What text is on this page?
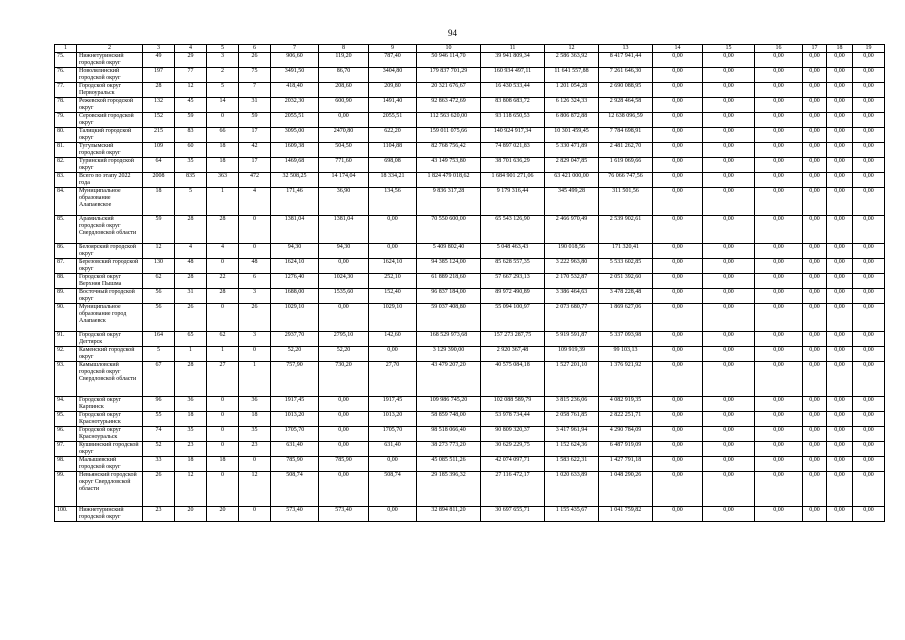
94
1	2	3	4	5	6	7	8	9	10	11	12	13	14	15	16	17	18	19
75.	Нижнетуринский городской округ	49	29	3	26	906,60	119,20	787,40	50 946 114,70	39 941 809,34	2 586 363,92	8 417 941,44	0,00	0,00	0,00	0,00	0,00	0,00
76.	Новолялинский городской округ	197	77	2	75	3491,50	86,70	3404,80	179 837 701,29	160 934 497,11	11 641 557,88	7 261 646,30	0,00	0,00	0,00	0,00	0,00	0,00
77.	Городской округ Первоуральск	28	12	5	7	418,40	208,60	209,80	20 321 676,67	16 430 533,44	1 201 054,28	2 690 088,95	0,00	0,00	0,00	0,00	0,00	0,00
78.	Режевской городской округ	132	45	14	31	2032,30	600,90	1491,40	92 863 472,69	83 808 683,72	6 126 324,33	2 928 464,58	0,00	0,00	0,00	0,00	0,00	0,00
79.	Серовский городской округ	152	59	0	59	2055,51	0,00	2055,51	112 563 620,00	93 118 650,53	6 806 872,88	12 638 096,59	0,00	0,00	0,00	0,00	0,00	0,00
80.	Талицкий городской округ	215	83	66	17	3095,00	2470,80	622,20	159 011 075,66	140 924 917,34	10 301 459,45	7 784 698,91	0,00	0,00	0,00	0,00	0,00	0,00
81.	Тугулымский городской округ	109	60	18	42	1609,38	504,50	1104,88	82 768 756,42	74 897 021,83	5 330 471,89	2 481 262,70	0,00	0,00	0,00	0,00	0,00	0,00
82.	Туринский городской округ	64	35	18	17	1469,68	771,60	698,08	43 149 753,80	38 701 636,29	2 829 047,85	1 619 069,66	0,00	0,00	0,00	0,00	0,00	0,00
83.	Всего по этапу 2022 года	2008	835	363	472	32 508,25	14 174,04	18 334,21	1 824 479 018,62	1 684 901 271,06	63 421 000,00	76 066 747,56	0,00	0,00	0,00	0,00	0,00	0,00
84.	Муниципальное образование Алапаевское	18	5	1	4	171,46	36,90	134,56	9 836 317,28	9 179 316,44	345 499,28	311 501,56	0,00	0,00	0,00	0,00	0,00	0,00
85.	Арамильский городской округ Свердловской области	59	28	28	0	1381,04	1381,04	0,00	70 550 600,00	65 543 126,90	2 466 970,49	2 539 902,61	0,00	0,00	0,00	0,00	0,00	0,00
86.	Белоярский городской округ	12	4	4	0	94,30	94,30	0,00	5 409 802,40	5 048 463,43	190 018,56	171 320,41	0,00	0,00	0,00	0,00	0,00	0,00
87.	Березовский городской округ	130	48	0	48	1624,10	0,00	1624,10	94 385 124,00	85 628 557,35	3 222 963,80	5 533 602,85	0,00	0,00	0,00	0,00	0,00	0,00
88.	Городской округ Верхняя Пышма	62	28	22	6	1276,40	1024,30	252,10	61 889 218,60	57 667 293,13	2 170 532,87	2 051 392,60	0,00	0,00	0,00	0,00	0,00	0,00
89.	Восточный городской округ	56	31	28	3	1688,00	1535,60	152,40	96 837 184,00	89 972 490,89	3 386 464,63	3 478 228,48	0,00	0,00	0,00	0,00	0,00	0,00
90.	Муниципальное образование город Алапаевск	56	26	0	26	1029,10	0,00	1029,10	59 037 408,80	55 094 100,97	2 073 680,77	1 869 627,06	0,00	0,00	0,00	0,00	0,00	0,00
91.	Городской округ Дегтярск	164	65	62	3	2937,70	2795,10	142,60	168 529 973,68	157 273 287,75	5 919 591,87	5 337 093,98	0,00	0,00	0,00	0,00	0,00	0,00
92.	Каменский городской округ	5	1	1	0	52,20	52,20	0,00	3 129 390,00	2 920 367,48	109 919,39	99 103,13	0,00	0,00	0,00	0,00	0,00	0,00
93.	Камышловский городской округ Свердловской области	67	28	27	1	757,90	730,20	27,70	43 479 207,20	40 575 084,18	1 527 201,10	1 376 921,92	0,00	0,00	0,00	0,00	0,00	0,00
94.	Городской округ Карпинск	96	36	0	36	1917,45	0,00	1917,45	109 986 745,20	102 088 589,79	3 815 236,06	4 082 919,35	0,00	0,00	0,00	0,00	0,00	0,00
95.	Городской округ Краснотурьинск	55	18	0	18	1013,20	0,00	1013,20	58 859 748,00	53 978 734,44	2 058 761,85	2 822 251,71	0,00	0,00	0,00	0,00	0,00	0,00
96.	Городской округ Красноуральск	74	35	0	35	1705,70	0,00	1705,70	98 518 066,40	90 809 320,37	3 417 961,94	4 290 784,09	0,00	0,00	0,00	0,00	0,00	0,00
97.	Кушвинский городской округ	52	23	0	23	631,40	0,00	631,40	38 273 773,20	30 629 229,75	1 152 624,36	6 487 919,09	0,00	0,00	0,00	0,00	0,00	0,00
98.	Малышевский городской округ	33	18	18	0	785,90	785,90	0,00	45 085 511,26	42 074 097,71	1 583 622,31	1 427 791,18	0,00	0,00	0,00	0,00	0,00	0,00
99.	Невьянский городской округ Свердловской области	26	12	0	12	508,74	0,00	508,74	29 185 396,32	27 116 472,17	1 020 633,89	1 048 290,26	0,00	0,00	0,00	0,00	0,00	0,00
100.	Нижнетуринский городской округ	23	20	20	0	573,40	573,40	0,00	32 894 811,20	30 697 655,71	1 155 435,67	1 041 759,82	0,00	0,00	0,00	0,00	0,00	0,00
